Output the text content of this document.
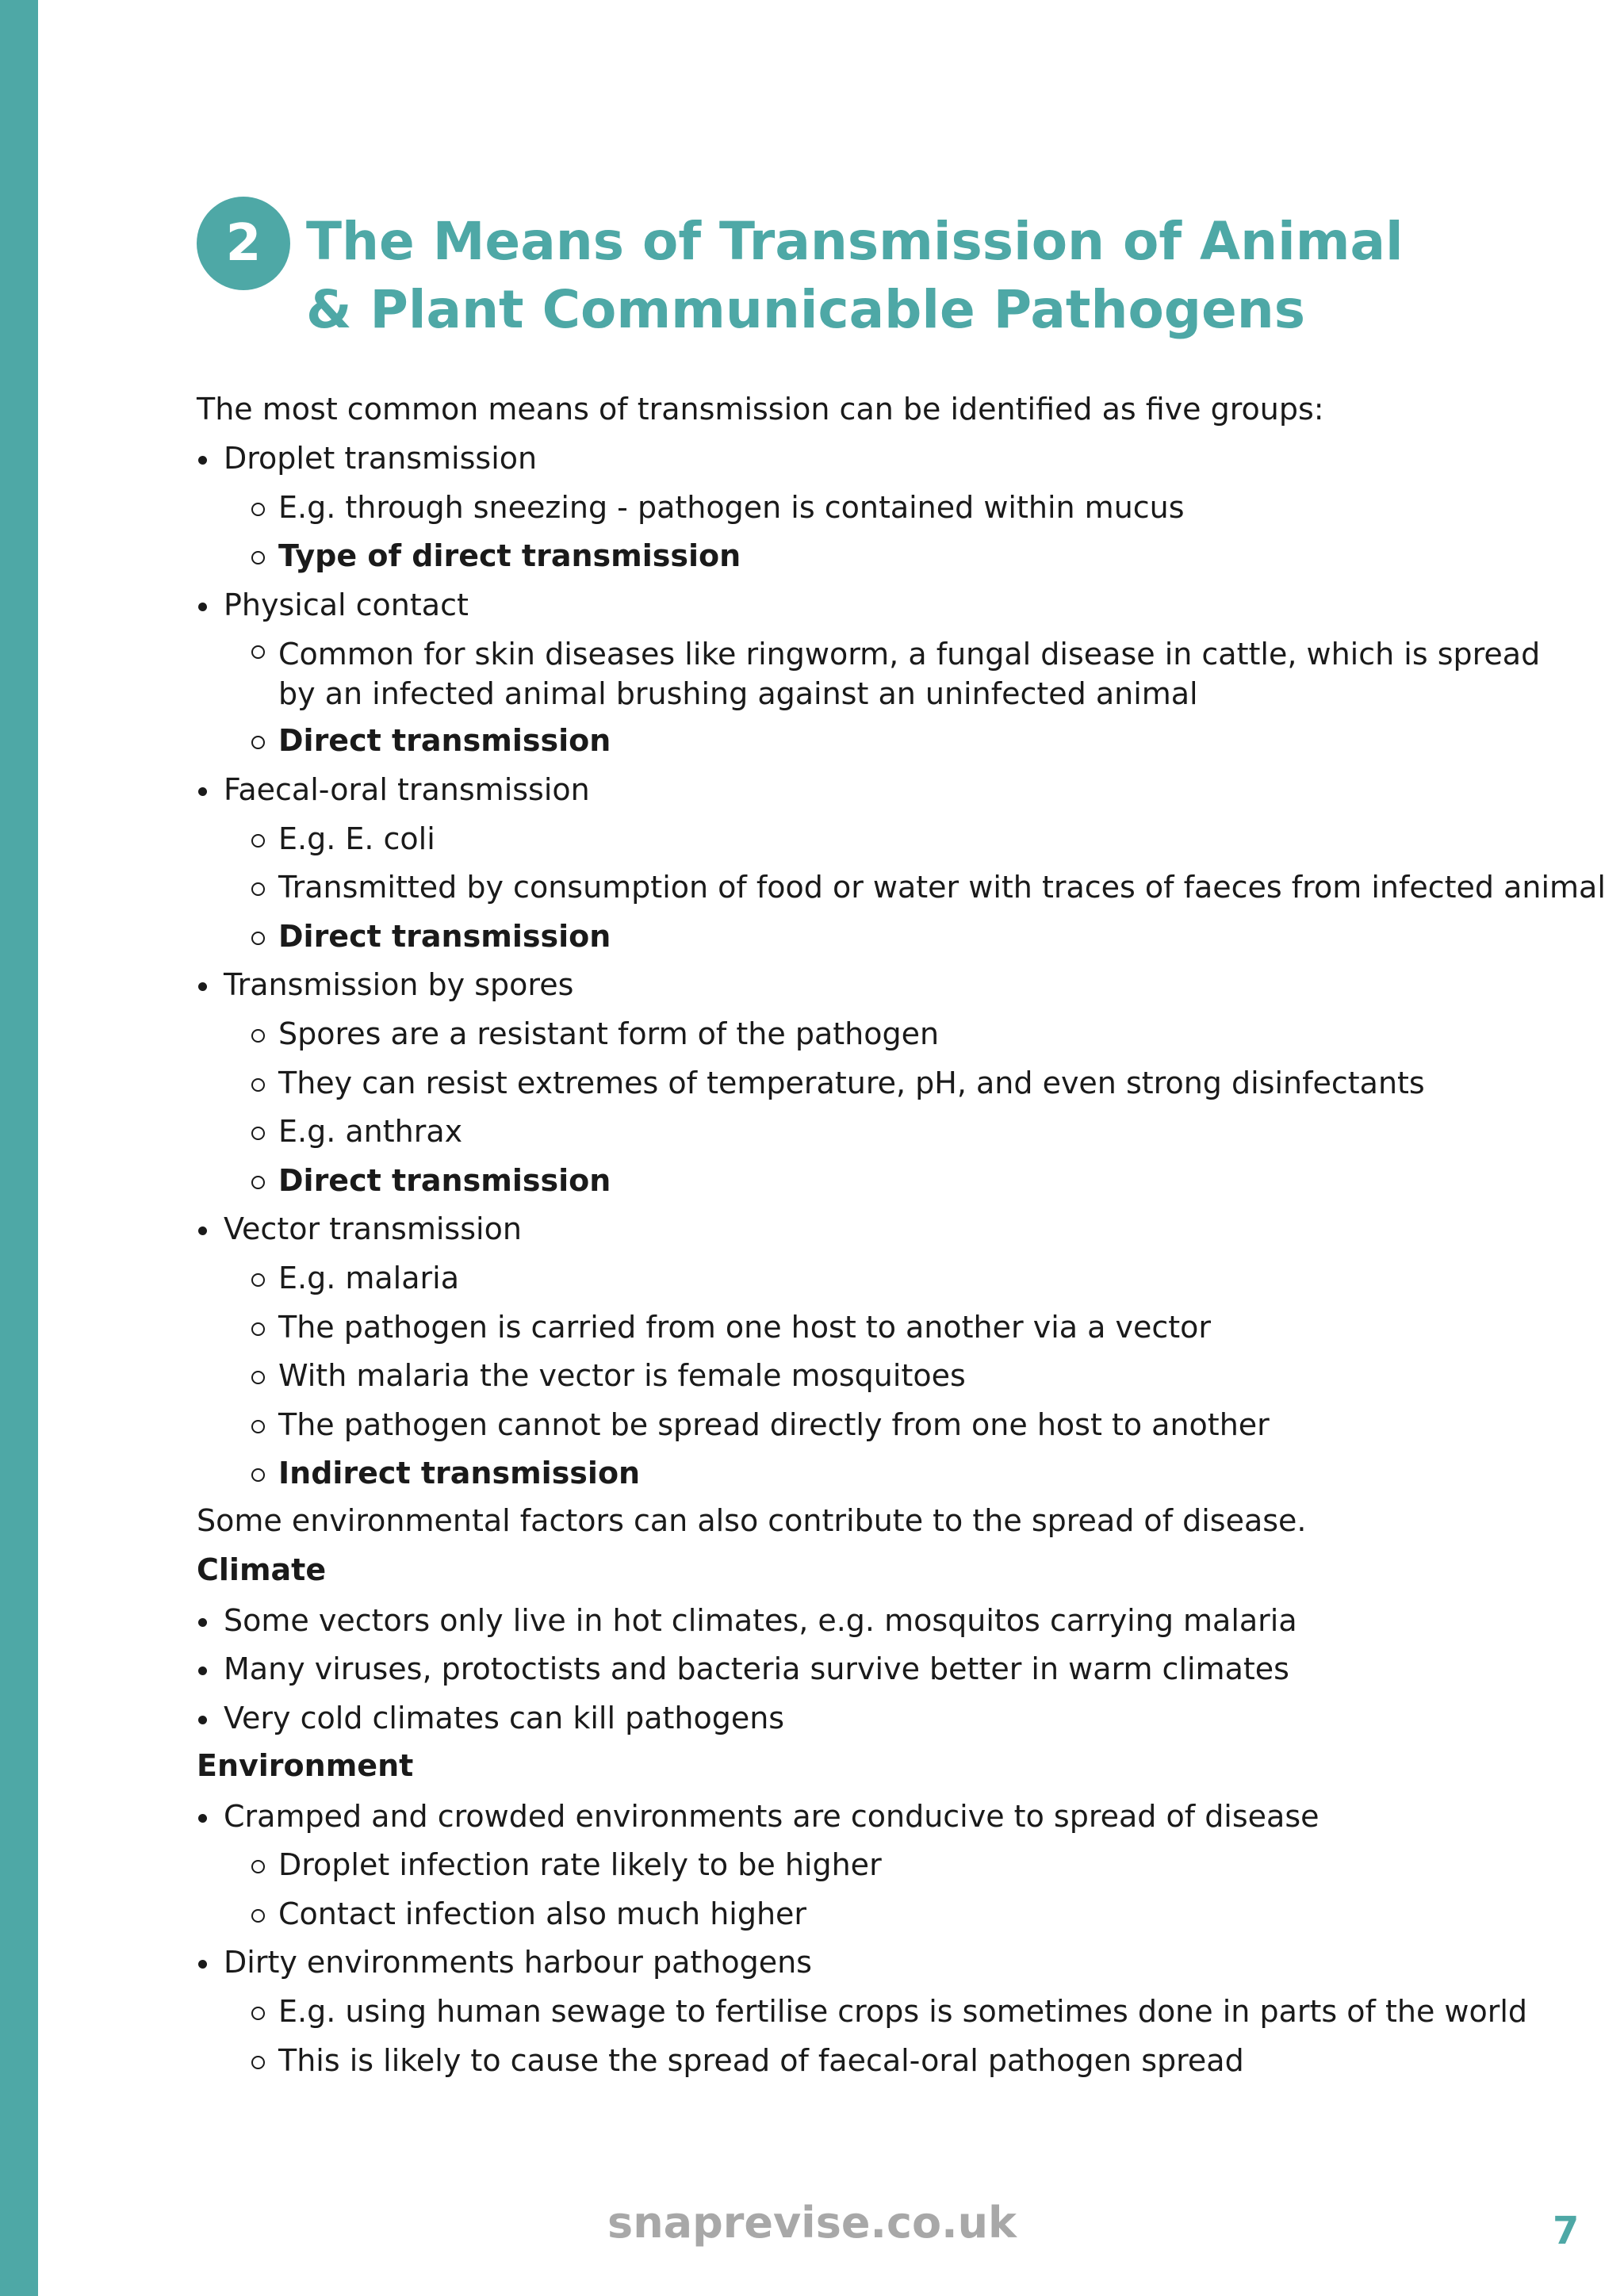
2 The Means of Transmission of Animal
& Plant Communicable Pathogens
The most common means of transmission can be identified as five groups:
Droplet transmission
E.g. through sneezing - pathogen is contained within mucus
Type of direct transmission
Physical contact
Common for skin diseases like ringworm, a fungal disease in cattle, which is spread by an infected animal brushing against an uninfected animal
Direct transmission
Faecal-oral transmission
E.g. E. coli
Transmitted by consumption of food or water with traces of faeces from infected animal
Direct transmission
Transmission by spores
Spores are a resistant form of the pathogen
They can resist extremes of temperature, pH, and even strong disinfectants
E.g. anthrax
Direct transmission
Vector transmission
E.g. malaria
The pathogen is carried from one host to another via a vector
With malaria the vector is female mosquitoes
The pathogen cannot be spread directly from one host to another
Indirect transmission
Some environmental factors can also contribute to the spread of disease.
Climate
Some vectors only live in hot climates, e.g. mosquitos carrying malaria
Many viruses, protoctists and bacteria survive better in warm climates
Very cold climates can kill pathogens
Environment
Cramped and crowded environments are conducive to spread of disease
Droplet infection rate likely to be higher
Contact infection also much higher
Dirty environments harbour pathogens
E.g. using human sewage to fertilise crops is sometimes done in parts of the world
This is likely to cause the spread of faecal-oral pathogen spread
snaprevise.co.uk	7
